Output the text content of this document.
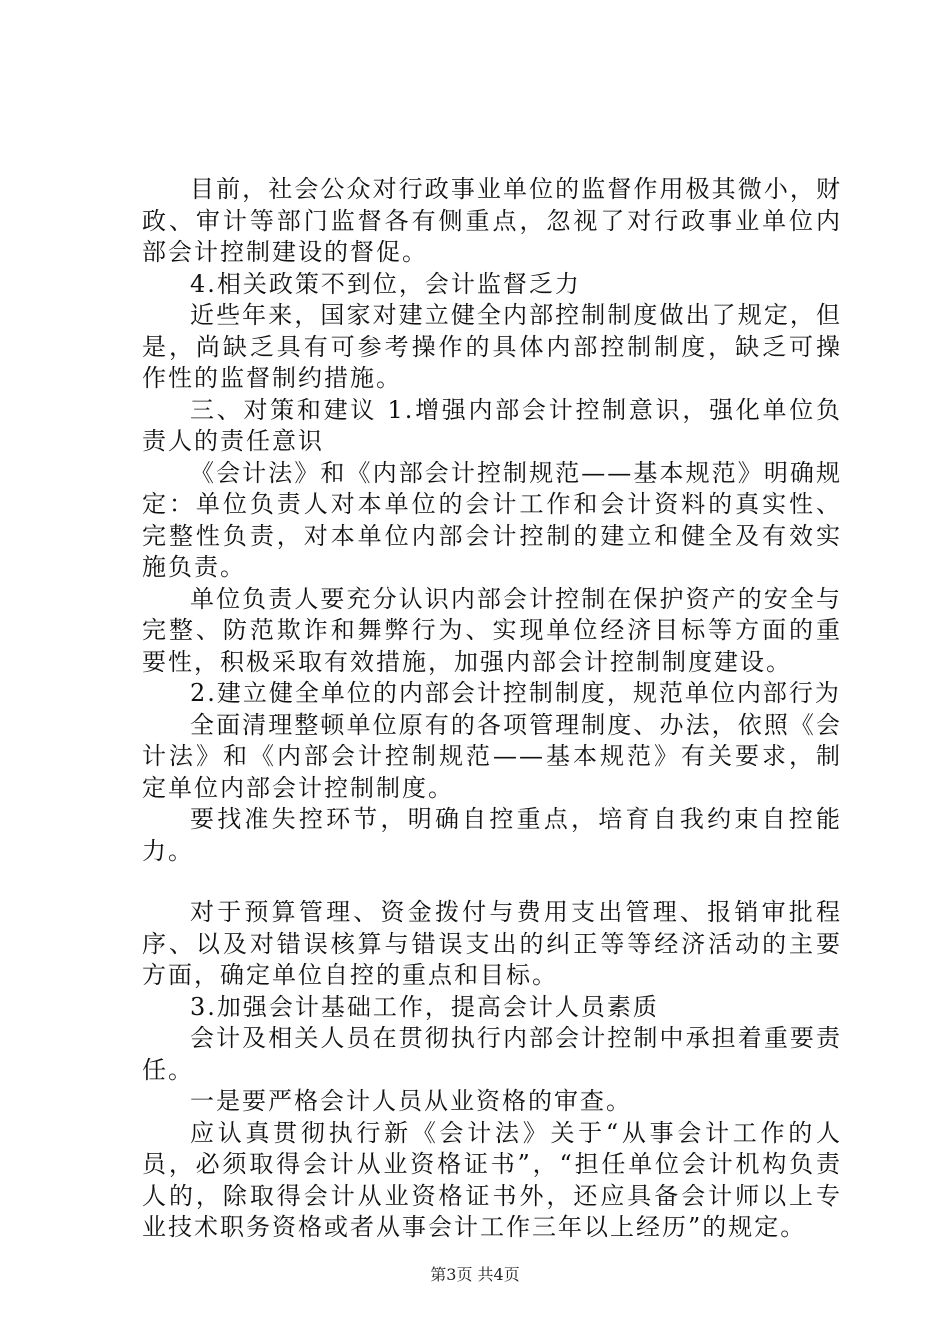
目前，社会公众对行政事业单位的监督作用极其微小，财政、审计等部门监督各有侧重点，忽视了对行政事业单位内部会计控制建设的督促。

4.相关政策不到位，会计监督乏力

近些年来，国家对建立健全内部控制制度做出了规定，但是，尚缺乏具有可参考操作的具体内部控制制度，缺乏可操作性的监督制约措施。

三、对策和建议 1.增强内部会计控制意识，强化单位负责人的责任意识

《会计法》和《内部会计控制规范——基本规范》明确规定：单位负责人对本单位的会计工作和会计资料的真实性、完整性负责，对本单位内部会计控制的建立和健全及有效实施负责。

单位负责人要充分认识内部会计控制在保护资产的安全与完整、防范欺诈和舞弊行为、实现单位经济目标等方面的重要性，积极采取有效措施，加强内部会计控制制度建设。

2.建立健全单位的内部会计控制制度，规范单位内部行为

全面清理整顿单位原有的各项管理制度、办法，依照《会计法》和《内部会计控制规范——基本规范》有关要求，制定单位内部会计控制制度。

要找准失控环节，明确自控重点，培育自我约束自控能力。

对于预算管理、资金拨付与费用支出管理、报销审批程序、以及对错误核算与错误支出的纠正等等经济活动的主要方面，确定单位自控的重点和目标。

3.加强会计基础工作，提高会计人员素质

会计及相关人员在贯彻执行内部会计控制中承担着重要责任。

一是要严格会计人员从业资格的审查。

应认真贯彻执行新《会计法》关于“从事会计工作的人员，必须取得会计从业资格证书”，“担任单位会计机构负责人的，除取得会计从业资格证书外，还应具备会计师以上专业技术职务资格或者从事会计工作三年以上经历”的规定。

第3页 共4页
